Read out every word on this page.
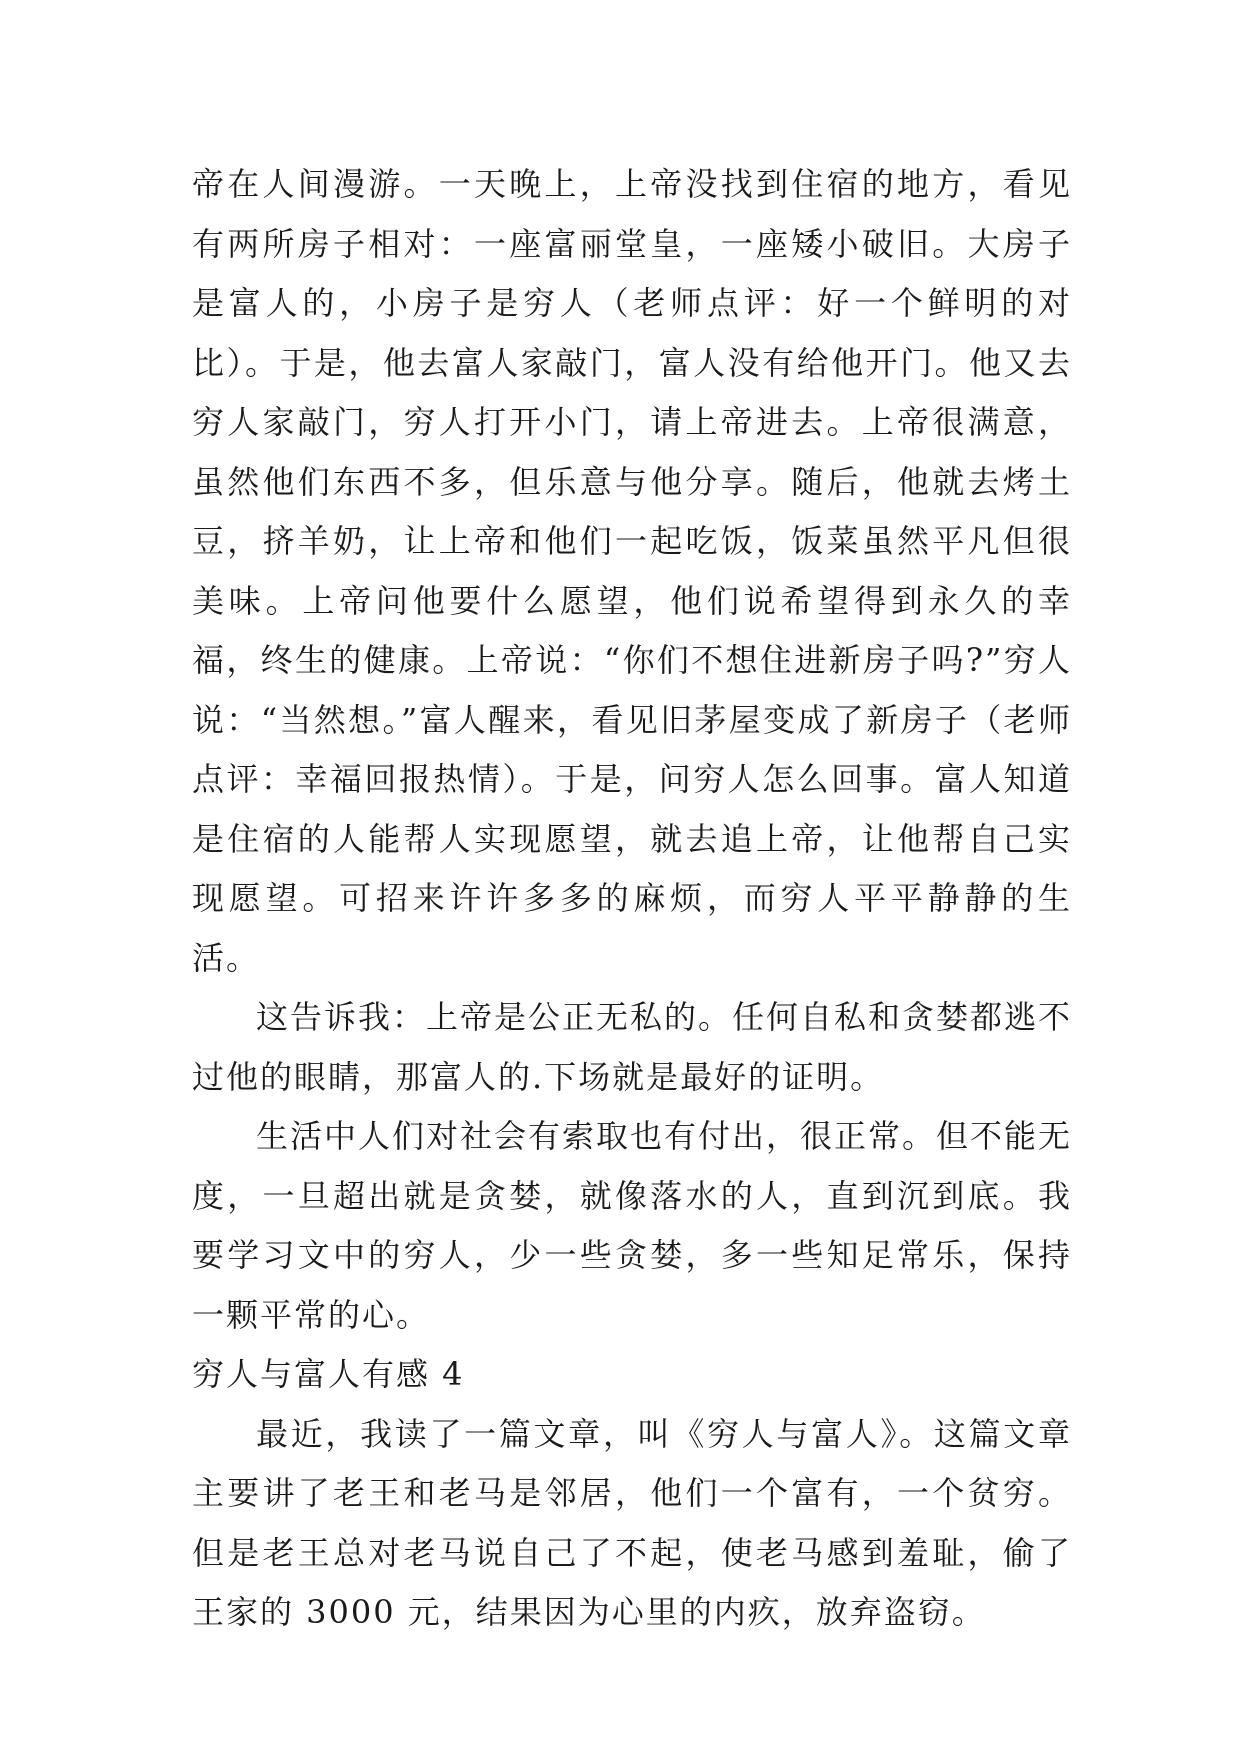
帝在人间漫游。一天晚上，上帝没找到住宿的地方，看见有两所房子相对：一座富丽堂皇，一座矮小破旧。大房子是富人的，小房子是穷人（老师点评：好一个鲜明的对比）。于是，他去富人家敲门，富人没有给他开门。他又去穷人家敲门，穷人打开小门，请上帝进去。上帝很满意，虽然他们东西不多，但乐意与他分享。随后，他就去烤土豆，挤羊奶，让上帝和他们一起吃饭，饭菜虽然平凡但很美味。上帝问他要什么愿望，他们说希望得到永久的幸福，终生的健康。上帝说：“你们不想住进新房子吗?”穷人说：“当然想。”富人醒来，看见旧茅屋变成了新房子（老师点评：幸福回报热情）。于是，问穷人怎么回事。富人知道是住宿的人能帮人实现愿望，就去追上帝，让他帮自己实现愿望。可招来许许多多的麻烦，而穷人平平静静的生活。

这告诉我：上帝是公正无私的。任何自私和贪婪都逃不过他的眼睛，那富人的.下场就是最好的证明。

生活中人们对社会有索取也有付出，很正常。但不能无度，一旦超出就是贪婪，就像落水的人，直到沉到底。我要学习文中的穷人，少一些贪婪，多一些知足常乐，保持一颗平常的心。

穷人与富人有感 4

最近，我读了一篇文章，叫《穷人与富人》。这篇文章主要讲了老王和老马是邻居，他们一个富有，一个贫穷。但是老王总对老马说自己了不起，使老马感到羞耻，偷了王家的 3000 元，结果因为心里的内疚，放弃盗窃。
